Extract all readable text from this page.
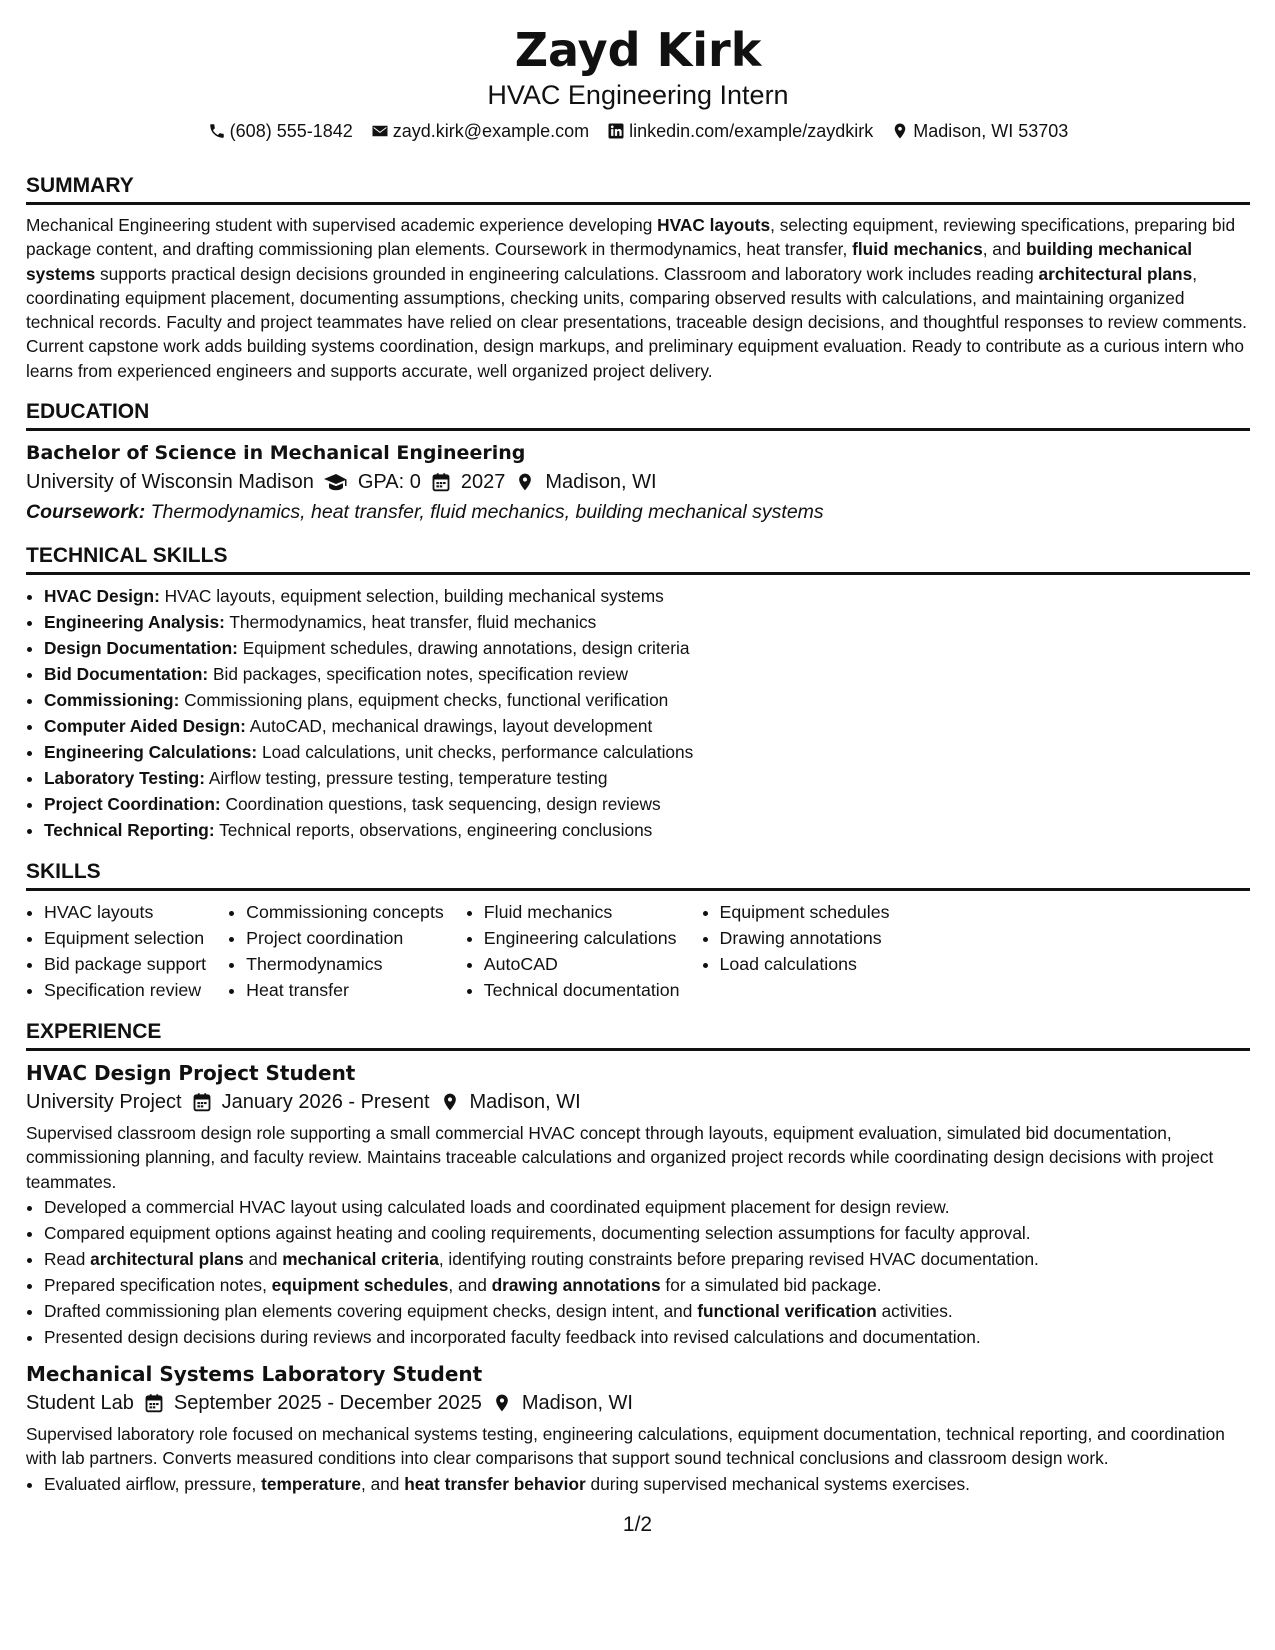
Zayd Kirk
HVAC Engineering Intern
(608) 555-1842 zayd.kirk@example.com linkedin.com/example/zaydkirk Madison, WI 53703
SUMMARY

Mechanical Engineering student with supervised academic experience developing HVAC layouts, selecting equipment, reviewing specifications, preparing bid package content, and drafting commissioning plan elements. Coursework in thermodynamics, heat transfer, fluid mechanics, and building mechanical systems supports practical design decisions grounded in engineering calculations. Classroom and laboratory work includes reading architectural plans, coordinating equipment placement, documenting assumptions, checking units, comparing observed results with calculations, and maintaining organized technical records. Faculty and project teammates have relied on clear presentations, traceable design decisions, and thoughtful responses to review comments. Current capstone work adds building systems coordination, design markups, and preliminary equipment evaluation. Ready to contribute as a curious intern who learns from experienced engineers and supports accurate, well organized project delivery.

EDUCATION
Bachelor of Science in Mechanical Engineering
University of Wisconsin Madison GPA: 0 2027 Madison, WI
Coursework: Thermodynamics, heat transfer, fluid mechanics, building mechanical systems
TECHNICAL SKILLS
• HVAC Design: HVAC layouts, equipment selection, building mechanical systems
• Engineering Analysis: Thermodynamics, heat transfer, fluid mechanics
• Design Documentation: Equipment schedules, drawing annotations, design criteria
• Bid Documentation: Bid packages, specification notes, specification review
• Commissioning: Commissioning plans, equipment checks, functional verification
• Computer Aided Design: AutoCAD, mechanical drawings, layout development
• Engineering Calculations: Load calculations, unit checks, performance calculations
• Laboratory Testing: Airflow testing, pressure testing, temperature testing
• Project Coordination: Coordination questions, task sequencing, design reviews
• Technical Reporting: Technical reports, observations, engineering conclusions
SKILLS
• HVAC layouts
• Equipment selection
• Bid package support
• Specification review
• Commissioning concepts
• Project coordination
• Thermodynamics
• Heat transfer
• Fluid mechanics
• Engineering calculations
• AutoCAD
• Technical documentation
• Equipment schedules
• Drawing annotations
• Load calculations
EXPERIENCE
HVAC Design Project Student
University Project January 2026 - Present Madison, WI

Supervised classroom design role supporting a small commercial HVAC concept through layouts, equipment evaluation, simulated bid documentation, commissioning planning, and faculty review. Maintains traceable calculations and organized project records while coordinating design decisions with project teammates.

• Developed a commercial HVAC layout using calculated loads and coordinated equipment placement for design review.
• Compared equipment options against heating and cooling requirements, documenting selection assumptions for faculty approval.
• Read architectural plans and mechanical criteria, identifying routing constraints before preparing revised HVAC documentation.
• Prepared specification notes, equipment schedules, and drawing annotations for a simulated bid package.
• Drafted commissioning plan elements covering equipment checks, design intent, and functional verification activities.
• Presented design decisions during reviews and incorporated faculty feedback into revised calculations and documentation.
Mechanical Systems Laboratory Student
Student Lab September 2025 - December 2025 Madison, WI

Supervised laboratory role focused on mechanical systems testing, engineering calculations, equipment documentation, technical reporting, and coordination with lab partners. Converts measured conditions into clear comparisons that support sound technical conclusions and classroom design work.

• Evaluated airflow, pressure, temperature, and heat transfer behavior during supervised mechanical systems exercises.
1/2
